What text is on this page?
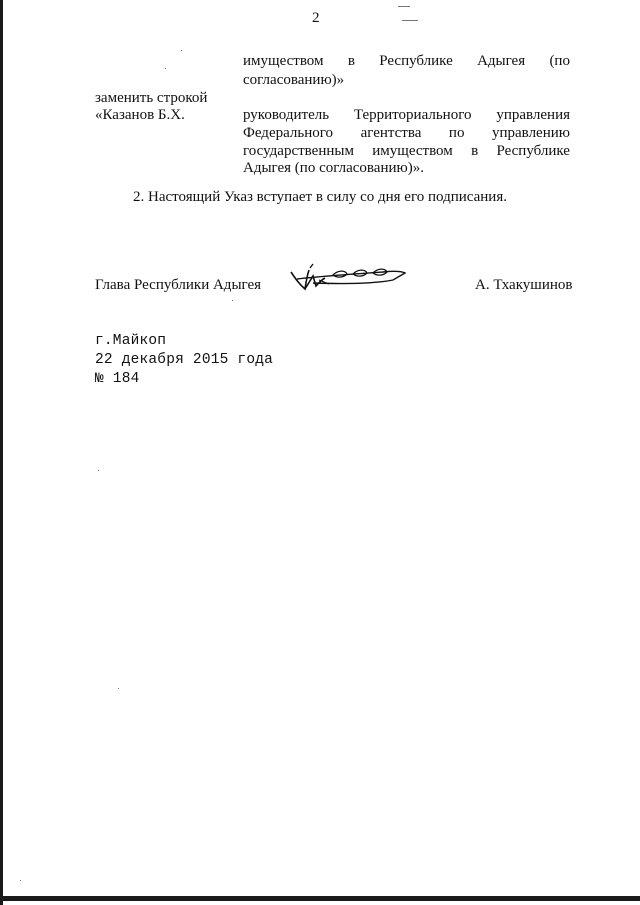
2
имуществом в Республике Адыгея (по
согласованию)»
заменить строкой
«Казанов Б.Х.	руководитель Территориального управления
Федерального агентства по управлению
государственным имуществом в Республике
Адыгея (по согласованию)».
2. Настоящий Указ вступает в силу со дня его подписания.
Глава Республики Адыгея	А. Тхакушинов
г.Майкоп
22 декабря 2015 года
№ 184
